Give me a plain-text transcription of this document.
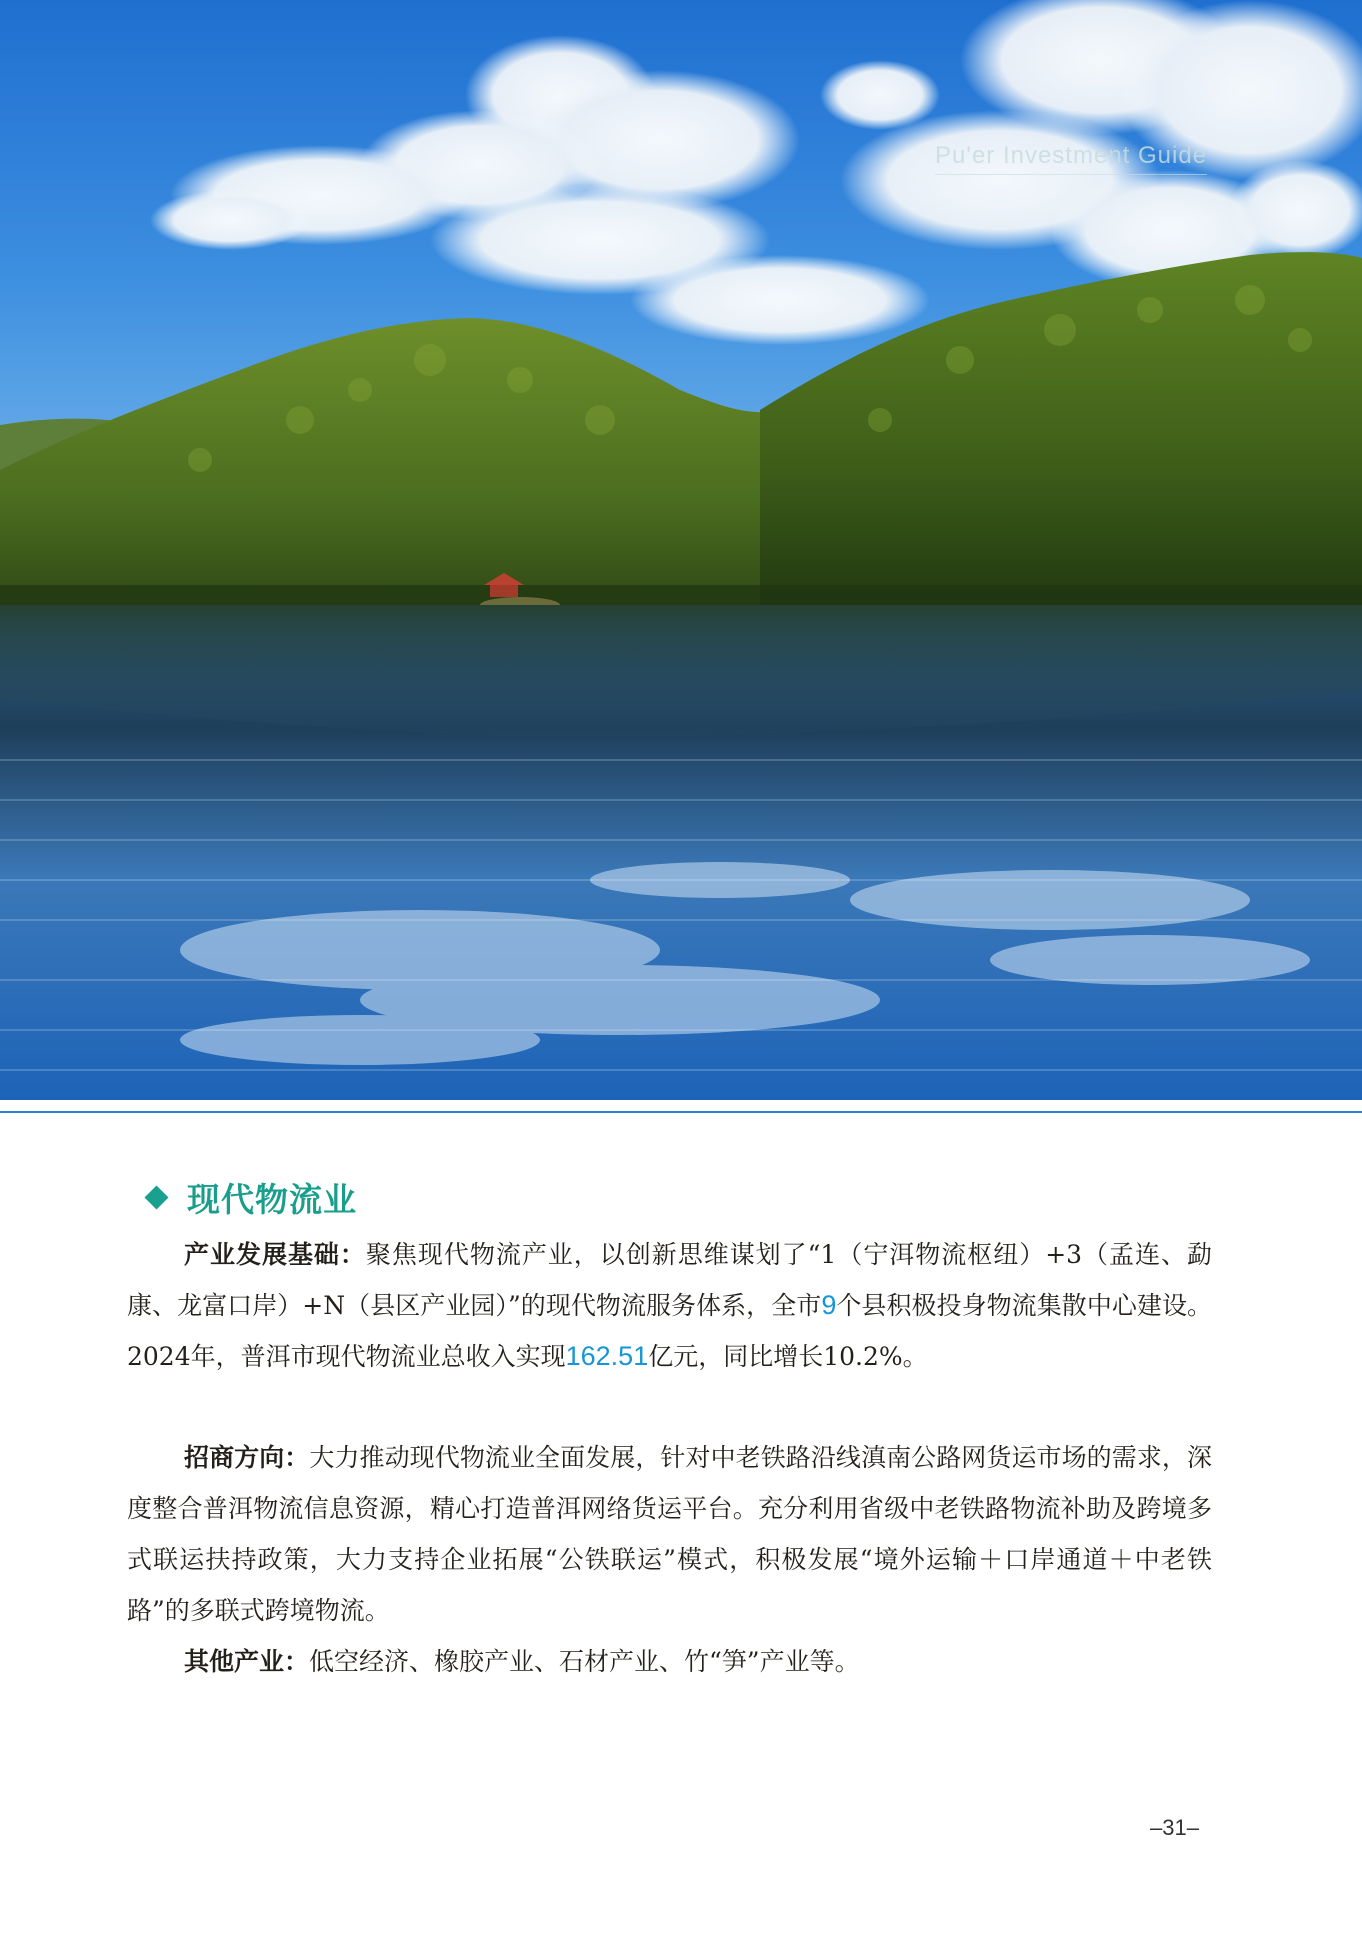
Pu'er Investment Guide
现代物流业

产业发展基础：聚焦现代物流产业，以创新思维谋划了“1（宁洱物流枢纽）+3（孟连、勐康、龙富口岸）+N（县区产业园）”的现代物流服务体系，全市9个县积极投身物流集散中心建设。2024年，普洱市现代物流业总收入实现162.51亿元，同比增长10.2%。

招商方向：大力推动现代物流业全面发展，针对中老铁路沿线滇南公路网货运市场的需求，深度整合普洱物流信息资源，精心打造普洱网络货运平台。充分利用省级中老铁路物流补助及跨境多式联运扶持政策，大力支持企业拓展“公铁联运”模式，积极发展“境外运输＋口岸通道＋中老铁路”的多联式跨境物流。

其他产业：低空经济、橡胶产业、石材产业、竹“笋”产业等。

–31–
